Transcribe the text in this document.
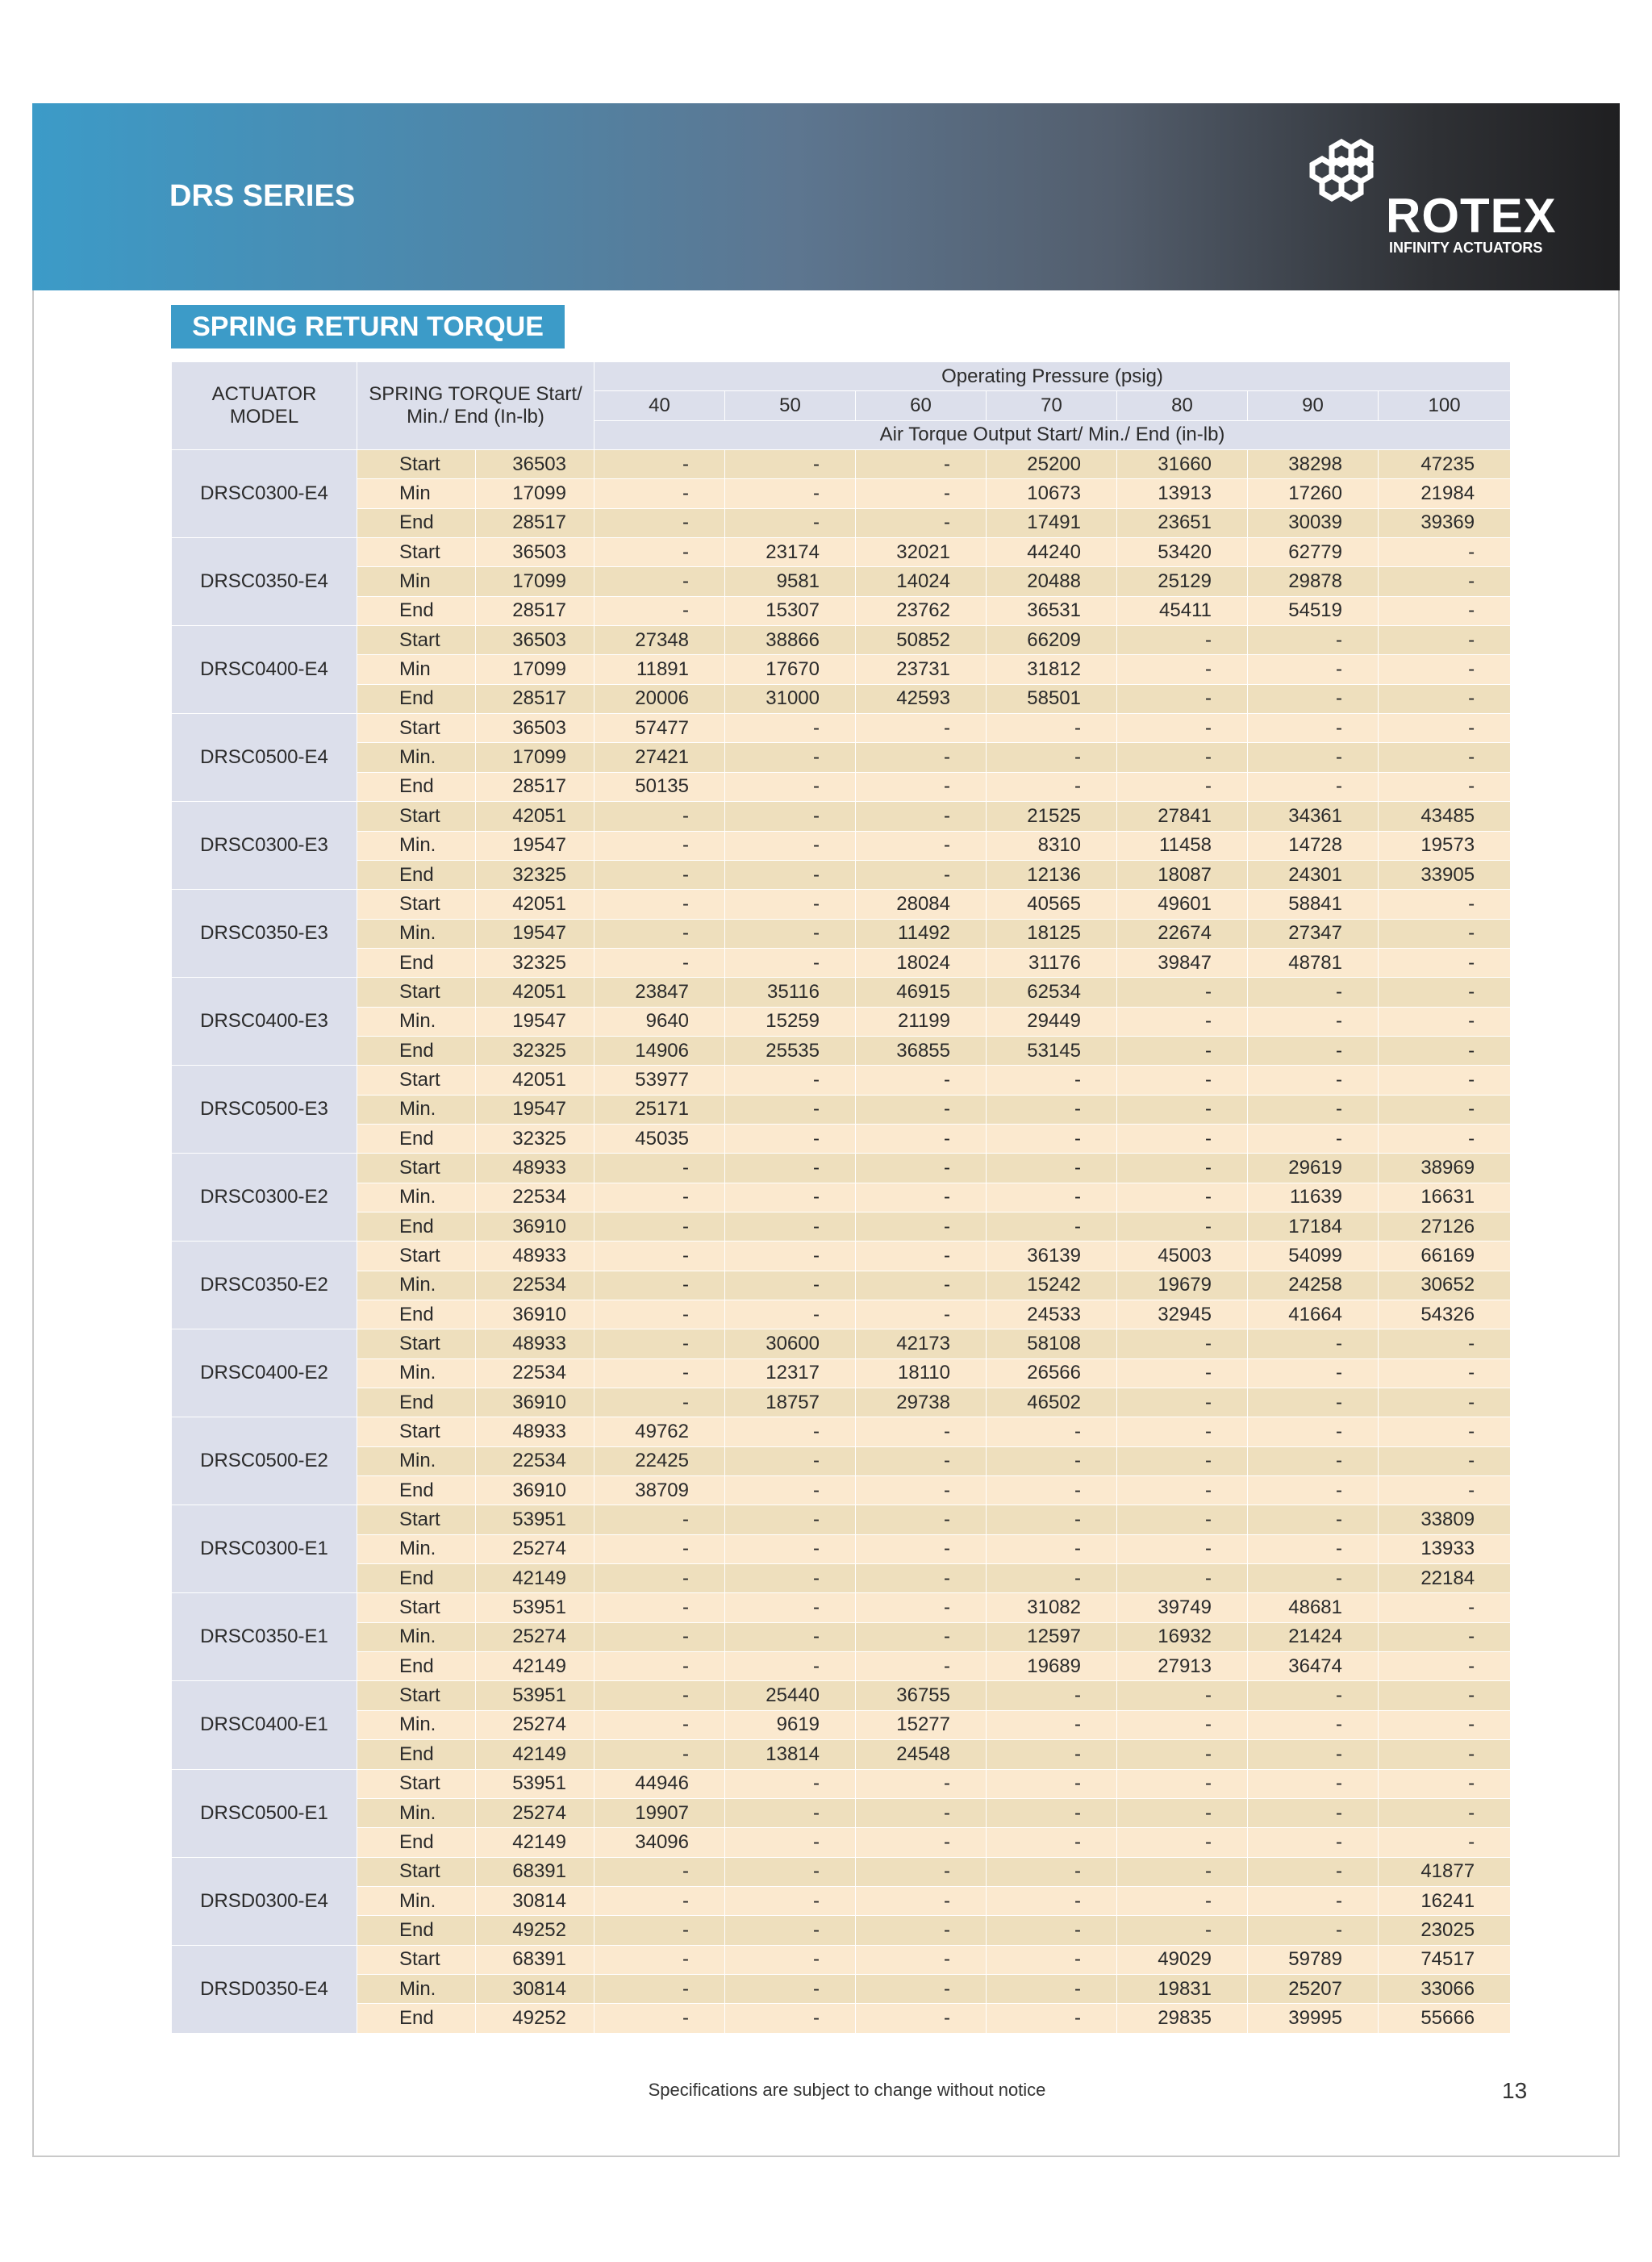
DRS SERIES	ROTEX
INFINITY ACTUATORS
SPRING RETURN TORQUE
ACTUATOR MODEL	SPRING TORQUE Start/ Min./ End (In-lb)		Operating Pressure (psig)						
			40	50	60	70	80	90	100
			Air Torque Output Start/ Min./ End (in-lb)						
DRSC0300-E4	Start	36503	-	-	-	25200	31660	38298	47235
	Min	17099	-	-	-	10673	13913	17260	21984
	End	28517	-	-	-	17491	23651	30039	39369
DRSC0350-E4	Start	36503	-	23174	32021	44240	53420	62779	-
	Min	17099	-	9581	14024	20488	25129	29878	-
	End	28517	-	15307	23762	36531	45411	54519	-
DRSC0400-E4	Start	36503	27348	38866	50852	66209	-	-	-
	Min	17099	11891	17670	23731	31812	-	-	-
	End	28517	20006	31000	42593	58501	-	-	-
DRSC0500-E4	Start	36503	57477	-	-	-	-	-	-
	Min.	17099	27421	-	-	-	-	-	-
	End	28517	50135	-	-	-	-	-	-
DRSC0300-E3	Start	42051	-	-	-	21525	27841	34361	43485
	Min.	19547	-	-	-	8310	11458	14728	19573
	End	32325	-	-	-	12136	18087	24301	33905
DRSC0350-E3	Start	42051	-	-	28084	40565	49601	58841	-
	Min.	19547	-	-	11492	18125	22674	27347	-
	End	32325	-	-	18024	31176	39847	48781	-
DRSC0400-E3	Start	42051	23847	35116	46915	62534	-	-	-
	Min.	19547	9640	15259	21199	29449	-	-	-
	End	32325	14906	25535	36855	53145	-	-	-
DRSC0500-E3	Start	42051	53977	-	-	-	-	-	-
	Min.	19547	25171	-	-	-	-	-	-
	End	32325	45035	-	-	-	-	-	-
DRSC0300-E2	Start	48933	-	-	-	-	-	29619	38969
	Min.	22534	-	-	-	-	-	11639	16631
	End	36910	-	-	-	-	-	17184	27126
DRSC0350-E2	Start	48933	-	-	-	36139	45003	54099	66169
	Min.	22534	-	-	-	15242	19679	24258	30652
	End	36910	-	-	-	24533	32945	41664	54326
DRSC0400-E2	Start	48933	-	30600	42173	58108	-	-	-
	Min.	22534	-	12317	18110	26566	-	-	-
	End	36910	-	18757	29738	46502	-	-	-
DRSC0500-E2	Start	48933	49762	-	-	-	-	-	-
	Min.	22534	22425	-	-	-	-	-	-
	End	36910	38709	-	-	-	-	-	-
DRSC0300-E1	Start	53951	-	-	-	-	-	-	33809
	Min.	25274	-	-	-	-	-	-	13933
	End	42149	-	-	-	-	-	-	22184
DRSC0350-E1	Start	53951	-	-	-	31082	39749	48681	-
	Min.	25274	-	-	-	12597	16932	21424	-
	End	42149	-	-	-	19689	27913	36474	-
DRSC0400-E1	Start	53951	-	25440	36755	-	-	-	-
	Min.	25274	-	9619	15277	-	-	-	-
	End	42149	-	13814	24548	-	-	-	-
DRSC0500-E1	Start	53951	44946	-	-	-	-	-	-
	Min.	25274	19907	-	-	-	-	-	-
	End	42149	34096	-	-	-	-	-	-
DRSD0300-E4	Start	68391	-	-	-	-	-	-	41877
	Min.	30814	-	-	-	-	-	-	16241
	End	49252	-	-	-	-	-	-	23025
DRSD0350-E4	Start	68391	-	-	-	-	49029	59789	74517
	Min.	30814	-	-	-	-	19831	25207	33066
	End	49252	-	-	-	-	29835	39995	55666
Specifications are subject to change without notice	13
